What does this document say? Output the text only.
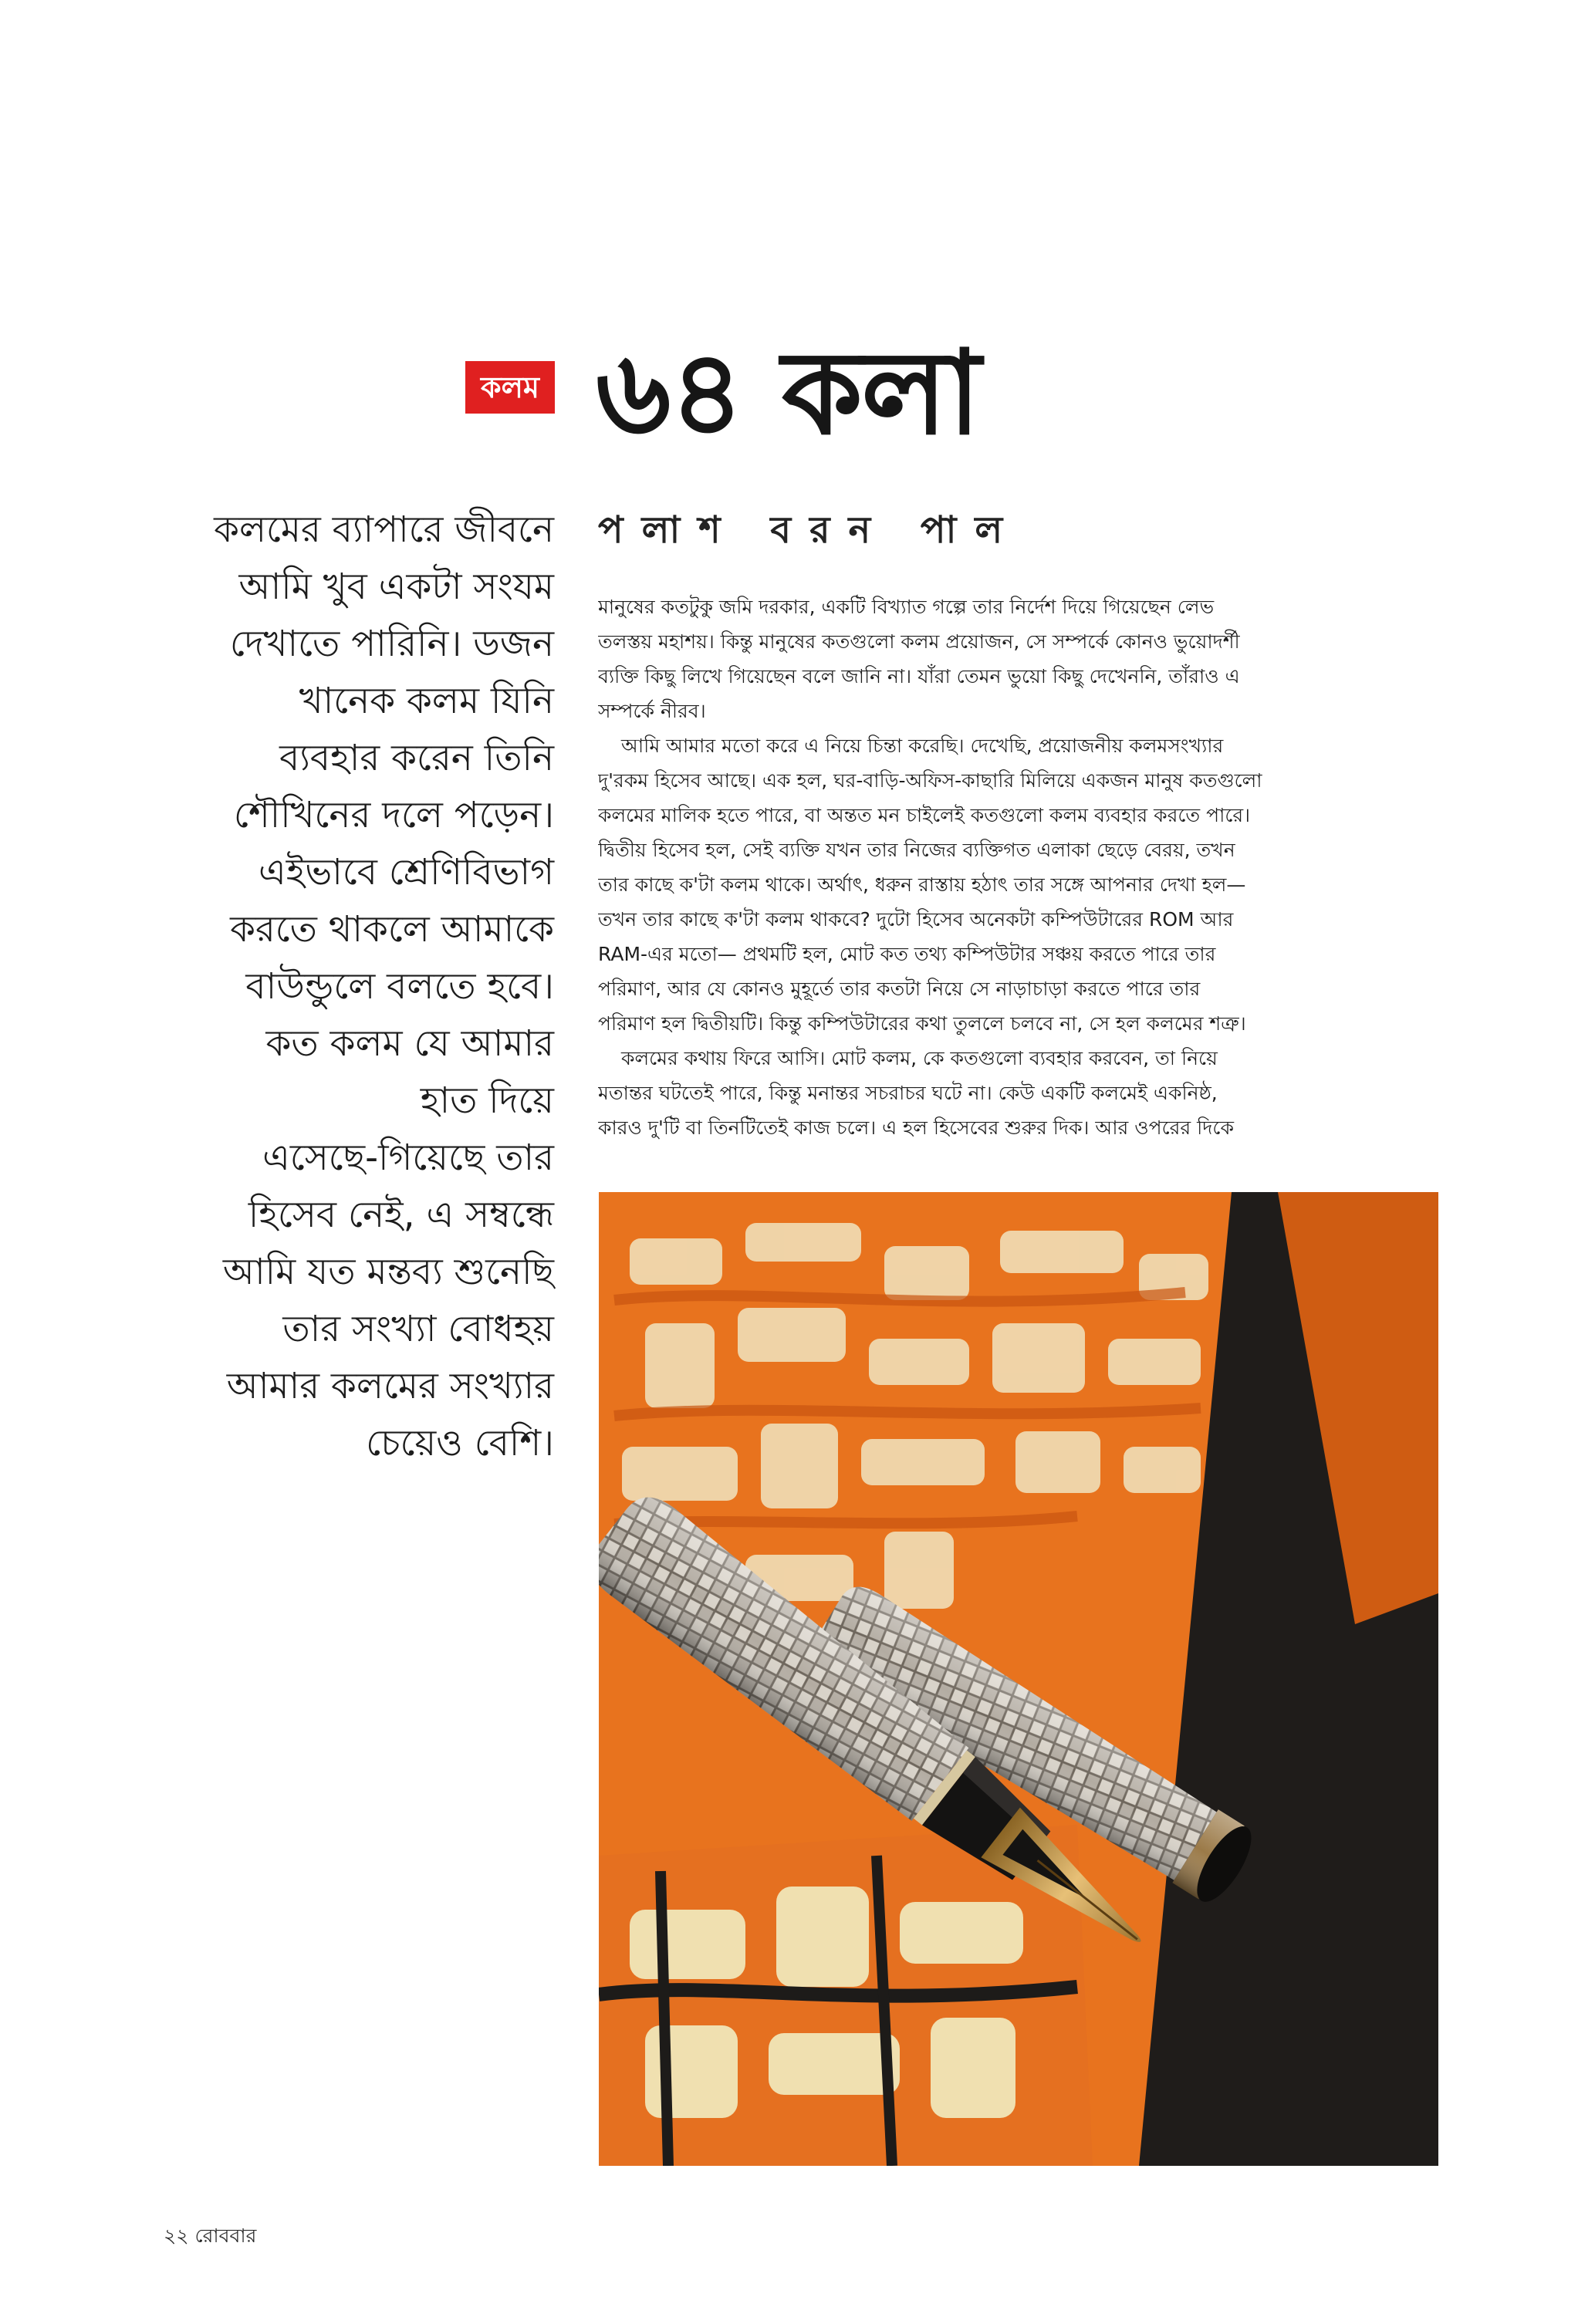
কলম ৬৪ কলা
কলমের ব্যাপারে জীবনে
আমি খুব একটা সংযম
দেখাতে পারিনি। ডজন
খানেক কলম যিনি
ব্যবহার করেন তিনি
শৌখিনের দলে পড়েন।
এইভাবে শ্রেণিবিভাগ
করতে থাকলে আমাকে
বাউন্ডুলে বলতে হবে।
কত কলম যে আমার
হাত দিয়ে
এসেছে-গিয়েছে তার
হিসেব নেই, এ সম্বন্ধে
আমি যত মন্তব্য শুনেছি
তার সংখ্যা বোধহয়
আমার কলমের সংখ্যার
চেয়েও বেশি।
পলাশ বরন পাল
মানুষের কতটুকু জমি দরকার, একটি বিখ্যাত গল্পে তার নির্দেশ দিয়ে গিয়েছেন লেভ
তলস্তয় মহাশয়। কিন্তু মানুষের কতগুলো কলম প্রয়োজন, সে সম্পর্কে কোনও ভুয়োদর্শী
ব্যক্তি কিছু লিখে গিয়েছেন বলে জানি না। যাঁরা তেমন ভুয়ো কিছু দেখেননি, তাঁরাও এ
সম্পর্কে নীরব।
আমি আমার মতো করে এ নিয়ে চিন্তা করেছি। দেখেছি, প্রয়োজনীয় কলমসংখ্যার
দু'রকম হিসেব আছে। এক হল, ঘর-বাড়ি-অফিস-কাছারি মিলিয়ে একজন মানুষ কতগুলো
কলমের মালিক হতে পারে, বা অন্তত মন চাইলেই কতগুলো কলম ব্যবহার করতে পারে।
দ্বিতীয় হিসেব হল, সেই ব্যক্তি যখন তার নিজের ব্যক্তিগত এলাকা ছেড়ে বেরয়, তখন
তার কাছে ক'টা কলম থাকে। অর্থাৎ, ধরুন রাস্তায় হঠাৎ তার সঙ্গে আপনার দেখা হল—
তখন তার কাছে ক'টা কলম থাকবে? দুটো হিসেব অনেকটা কম্পিউটারের ROM আর
RAM-এর মতো— প্রথমটি হল, মোট কত তথ্য কম্পিউটার সঞ্চয় করতে পারে তার
পরিমাণ, আর যে কোনও মুহূর্তে তার কতটা নিয়ে সে নাড়াচাড়া করতে পারে তার
পরিমাণ হল দ্বিতীয়টি। কিন্তু কম্পিউটারের কথা তুললে চলবে না, সে হল কলমের শত্রু।
কলমের কথায় ফিরে আসি। মোট কলম, কে কতগুলো ব্যবহার করবেন, তা নিয়ে
মতান্তর ঘটতেই পারে, কিন্তু মনান্তর সচরাচর ঘটে না। কেউ একটি কলমেই একনিষ্ঠ,
কারও দু'টি বা তিনটিতেই কাজ চলে। এ হল হিসেবের শুরুর দিক। আর ওপরের দিকে
২২ রোববার
